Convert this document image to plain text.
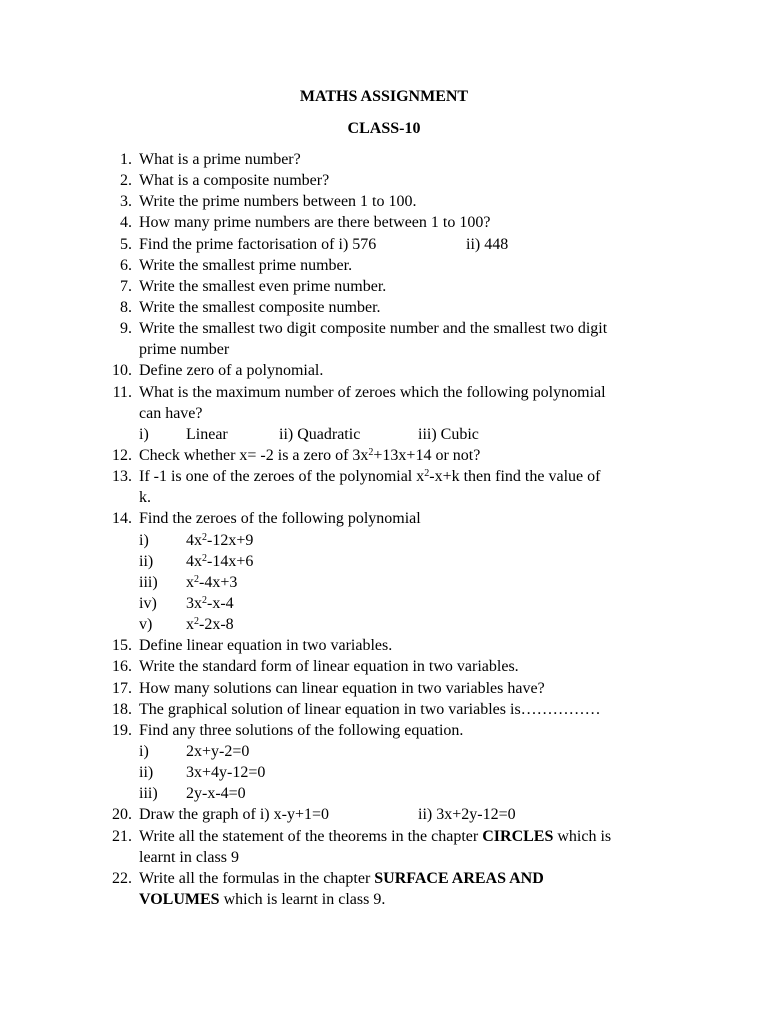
MATHS ASSIGNMENT
CLASS-10
1. What is a prime number?
2. What is a composite number?
3. Write the prime numbers between 1 to 100.
4. How many prime numbers are there between 1 to 100?
5. Find the prime factorisation of i) 576	ii) 448
6. Write the smallest prime number.
7. Write the smallest even prime number.
8. Write the smallest composite number.
9. Write the smallest two digit composite number and the smallest two digit
prime number
10. Define zero of a polynomial.
11. What is the maximum number of zeroes which the following polynomial
can have?
i) Linear	ii) Quadratic	iii) Cubic
12. Check whether x= -2 is a zero of $3x^2+13x+14$ or not?
13. If -1 is one of the zeroes of the polynomial $x^2-x+k$ then find the value of
k.
14. Find the zeroes of the following polynomial
i) $4x^2-12x+9$
ii) $4x^2-14x+6$
iii) $x^2-4x+3$
iv) $3x^2-x-4$
v) $x^2-2x-8$
15. Define linear equation in two variables.
16. Write the standard form of linear equation in two variables.
17. How many solutions can linear equation in two variables have?
18. The graphical solution of linear equation in two variables is……………
19. Find any three solutions of the following equation.
i) 2x+y-2=0
ii) 3x+4y-12=0
iii) 2y-x-4=0
20. Draw the graph of i) x-y+1=0	ii) 3x+2y-12=0
21. Write all the statement of the theorems in the chapter CIRCLES which is
learnt in class 9
22. Write all the formulas in the chapter SURFACE AREAS AND
VOLUMES which is learnt in class 9.
